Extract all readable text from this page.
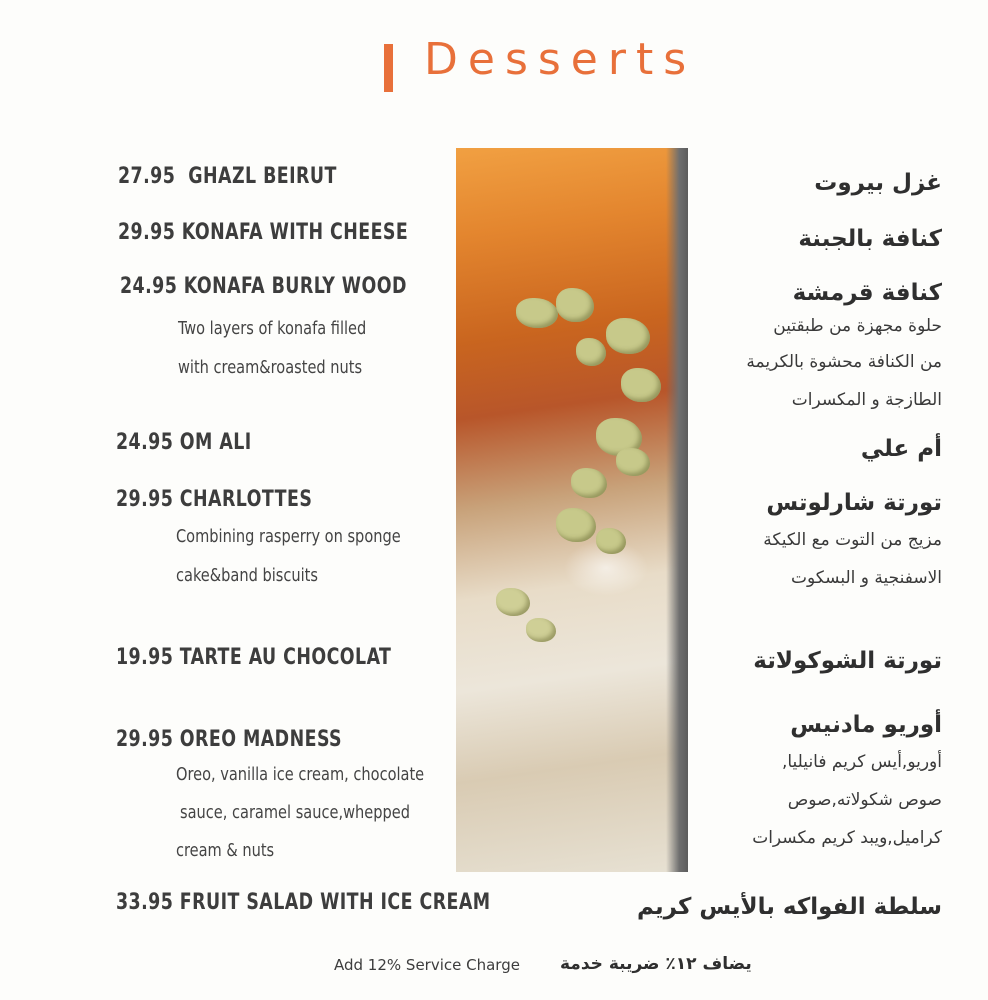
Desserts
27.95 GHAZL BEIRUT
29.95 KONAFA WITH CHEESE
24.95 KONAFA BURLY WOOD
Two layers of konafa filled
with cream&roasted nuts
24.95 OM ALI
29.95 CHARLOTTES
Combining rasperry on sponge
cake&band biscuits
19.95 TARTE AU CHOCOLAT
29.95 OREO MADNESS
Oreo, vanilla ice cream, chocolate
sauce, caramel sauce,whepped
cream & nuts
33.95 FRUIT SALAD WITH ICE CREAM
غزل بيروت
كنافة بالجبنة
كنافة قرمشة
حلوة مجهزة من طبقتين
من الكنافة محشوة بالكريمة
الطازجة و المكسرات
أم علي
تورتة شارلوتس
مزيج من التوت مع الكيكة
الاسفنجية و البسكوت
تورتة الشوكولاتة
أوريو مادنيس
أوريو,أيس كريم فانيليا,
صوص شكولاته,صوص
كراميل,ويبد كريم مكسرات
سلطة الفواكه بالأيس كريم
Add 12% Service Charge يضاف ١٢٪ ضريبة خدمة
